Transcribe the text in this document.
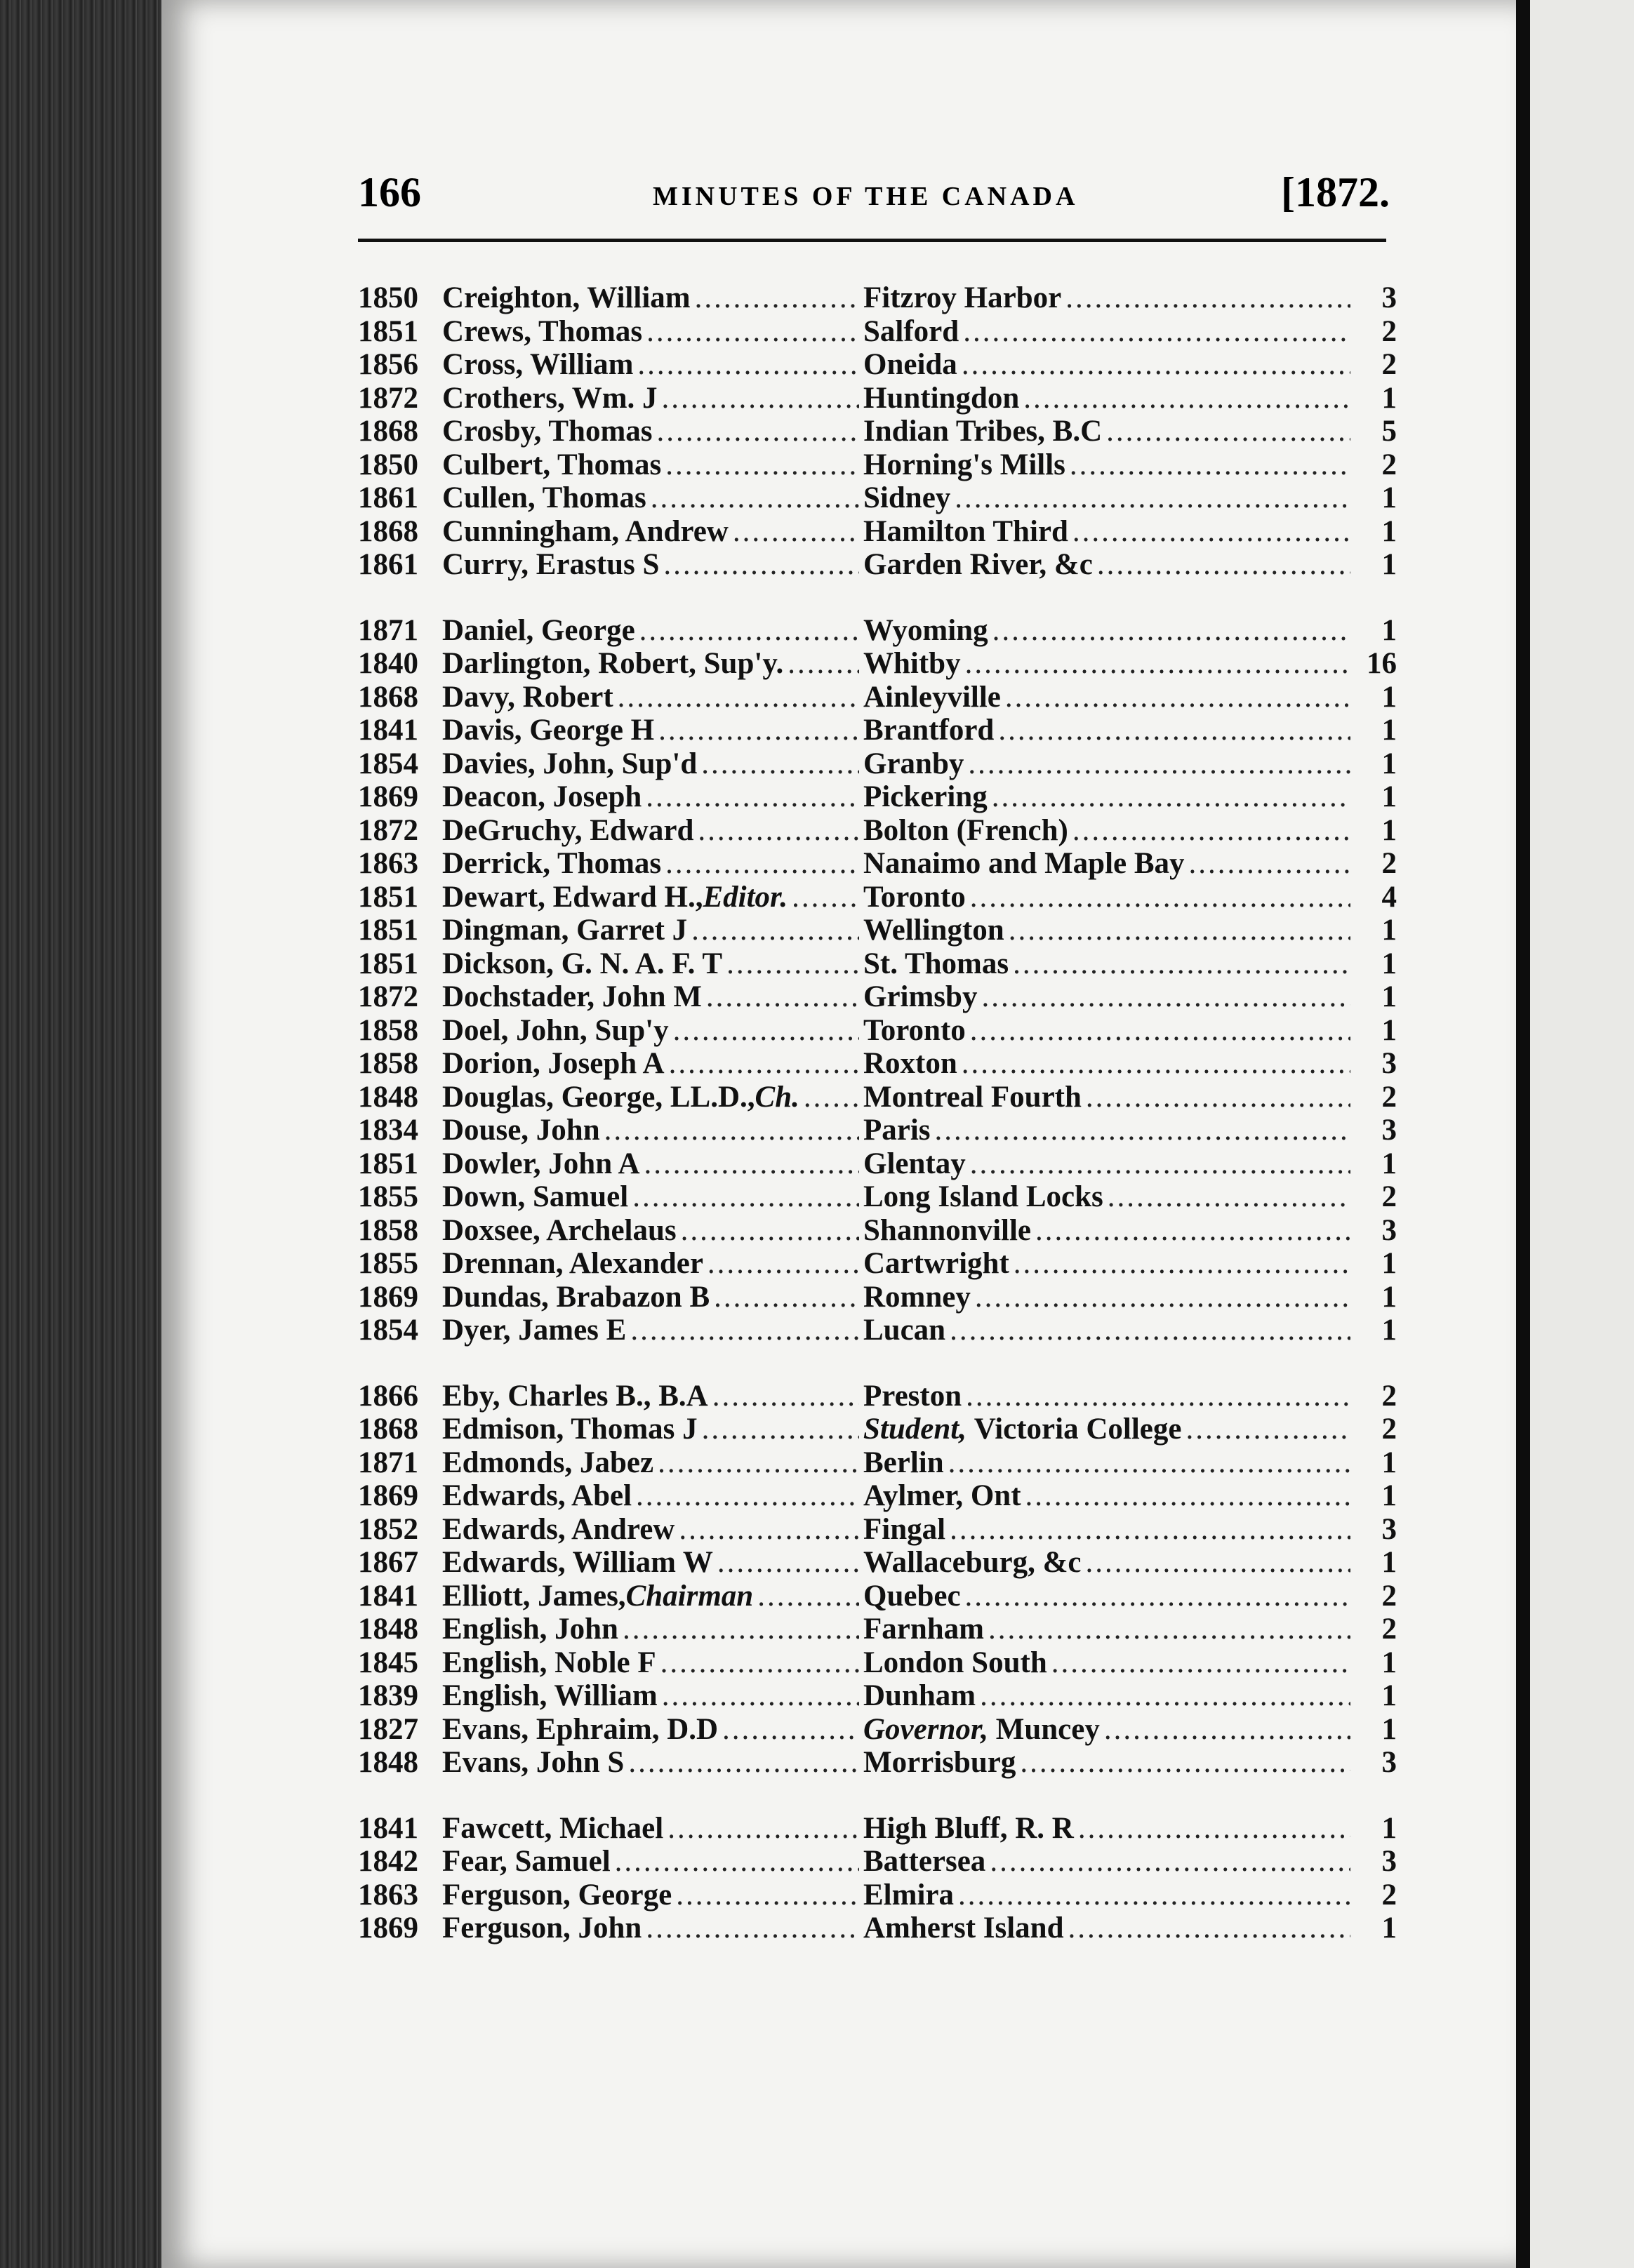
166	MINUTES OF THE CANADA	[1872.
1850 Creighton, William .....	Fitzroy Harbor .....	3
1851 Crews, Thomas .....	Salford .....	2
1856 Cross, William .....	Oneida .....	2
1872 Crothers, Wm. J .....	Huntingdon .....	1
1868 Crosby, Thomas .....	Indian Tribes, B.C .....	5
1850 Culbert, Thomas .....	Horning's Mills .....	2
1861 Cullen, Thomas .....	Sidney .....	1
1868 Cunningham, Andrew .....	Hamilton Third .....	1
1861 Curry, Erastus S .....	Garden River, &c .....	1
1871 Daniel, George .....	Wyoming .....	1
1840 Darlington, Robert, Sup'y. .....	Whitby .....	16
1868 Davy, Robert .....	Ainleyville .....	1
1841 Davis, George H .....	Brantford .....	1
1854 Davies, John, Sup'd .....	Granby .....	1
1869 Deacon, Joseph .....	Pickering .....	1
1872 DeGruchy, Edward .....	Bolton (French) .....	1
1863 Derrick, Thomas .....	Nanaimo and Maple Bay .....	2
1851 Dewart, Edward H.,Editor. .....	Toronto .....	4
1851 Dingman, Garret J .....	Wellington .....	1
1851 Dickson, G. N. A. F. T .....	St. Thomas .....	1
1872 Dochstader, John M .....	Grimsby .....	1
1858 Doel, John, Sup'y .....	Toronto .....	1
1858 Dorion, Joseph A .....	Roxton .....	3
1848 Douglas, George, LL.D.,Ch. ..... Montreal Fourth .....	2
1834 Douse, John .....	Paris .....	3
1851 Dowler, John A .....	Glentay .....	1
1855 Down, Samuel .....	Long Island Locks .....	2
1858 Doxsee, Archelaus .....	Shannonville .....	3
1855 Drennan, Alexander .....	Cartwright .....	1
1869 Dundas, Brabazon B .....	Romney .....	1
1854 Dyer, James E .....	Lucan .....	1
1866 Eby, Charles B., B.A .....	Preston .....	2
1868 Edmison, Thomas J .....	Student, Victoria College .....	2
1871 Edmonds, Jabez .....	Berlin .....	1
1869 Edwards, Abel .....	Aylmer, Ont .....	1
1852 Edwards, Andrew .....	Fingal .....	3
1867 Edwards, William W .....	Wallaceburg, &c .....	1
1841 Elliott, James,Chairman .....	Quebec .....	2
1848 English, John .....	Farnham .....	2
1845 English, Noble F .....	London South .....	1
1839 English, William .....	Dunham .....	1
1827 Evans, Ephraim, D.D .....	Governor, Muncey .....	1
1848 Evans, John S .....	Morrisburg .....	3
1841 Fawcett, Michael .....	High Bluff, R. R .....	1
1842 Fear, Samuel .....	Battersea .....	3
1863 Ferguson, George .....	Elmira .....	2
1869 Ferguson, John .....	Amherst Island .....	1
